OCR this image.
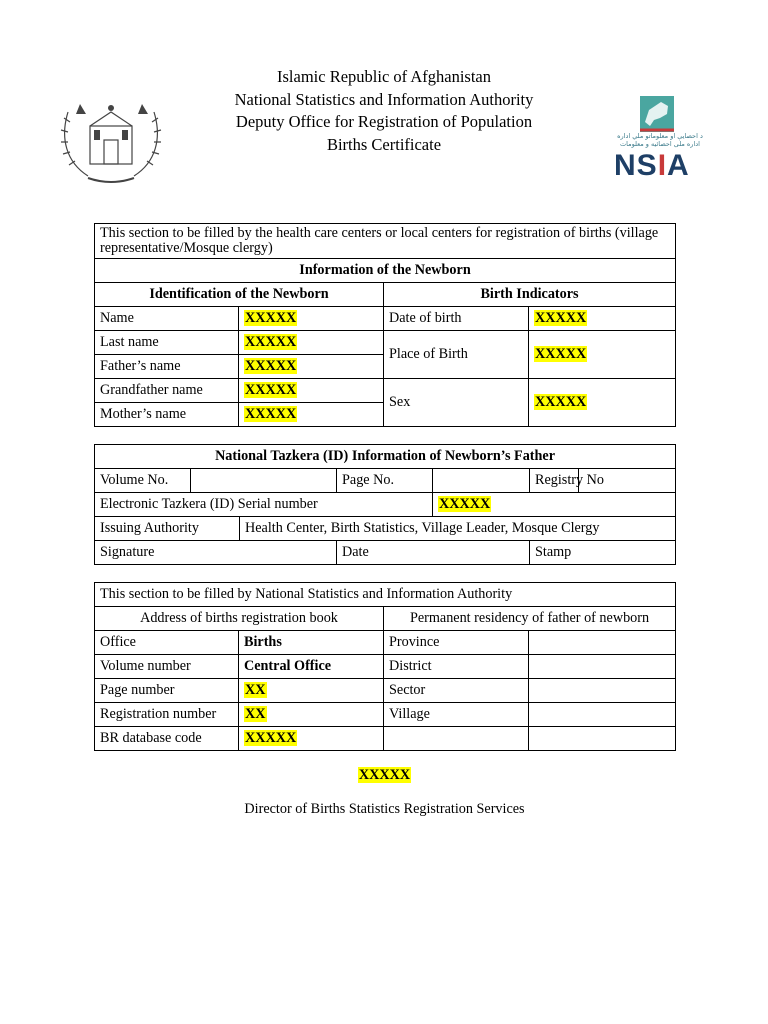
Islamic Republic of Afghanistan
National Statistics and Information Authority
Deputy Office for Registration of Population
Births Certificate	د احصایې او معلوماتو ملي اداره
اداره ملی احصائیه و معلومات
NSIA
This section to be filled by the health care centers or local centers for registration of births (village representative/Mosque clergy)			
Information of the Newborn			
Identification of the Newborn		Birth Indicators	
Name	XXXXX	Date of birth	XXXXX
Last name	XXXXX	Place of Birth	XXXXX
Father’s name	XXXXX		
Grandfather name	XXXXX	Sex	XXXXX
Mother’s name	XXXXX		
National Tazkera (ID) Information of Newborn’s Father						
Volume No.			Page No.		Registry No	
Electronic Tazkera (ID) Serial number				XXXXX		
Issuing Authority		Health Center, Birth Statistics, Village Leader, Mosque Clergy				
Signature			Date		Stamp	
This section to be filled by National Statistics and Information Authority			
Address of births registration book		Permanent residency of father of newborn	
Office	Births	Province	
Volume number	Central Office	District	
Page number	XX	Sector	
Registration number	XX	Village	
BR database code	XXXXX		
XXXXX
Director of Births Statistics Registration Services
